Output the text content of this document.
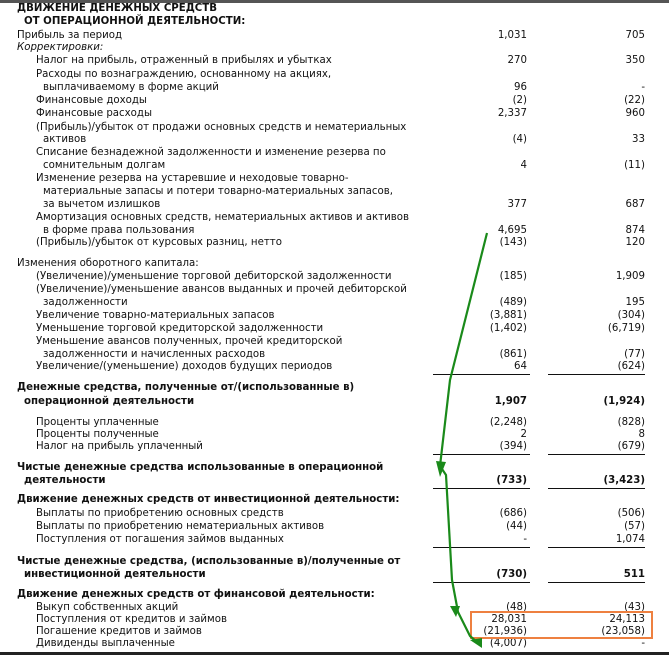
ДВИЖЕНИЕ ДЕНЕЖНЫХ СРЕДСТВ
ОТ ОПЕРАЦИОННОЙ ДЕЯТЕЛЬНОСТИ:
Прибыль за период	1,031	705
Корректировки:
Налог на прибыль, отраженный в прибылях и убытках	270	350
Расходы по вознаграждению, основанному на акциях,
выплачиваемому в форме акций	96	-
Финансовые доходы	(2)	(22)
Финансовые расходы	2,337	960
(Прибыль)/убыток от продажи основных средств и нематериальных
активов	(4)	33
Списание безнадежной задолженности и изменение резерва по
сомнительным долгам	4	(11)
Изменение резерва на устаревшие и неходовые товарно-
материальные запасы и потери товарно-материальных запасов,
за вычетом излишков	377	687
Амортизация основных средств, нематериальных активов и активов
в форме права пользования	4,695	874
(Прибыль)/убыток от курсовых разниц, нетто	(143)	120
Изменения оборотного капитала:
(Увеличение)/уменьшение торговой дебиторской задолженности	(185)	1,909
(Увеличение)/уменьшение авансов выданных и прочей дебиторской
задолженности	(489)	195
Увеличение товарно-материальных запасов	(3,881)	(304)
Уменьшение торговой кредиторской задолженности	(1,402)	(6,719)
Уменьшение авансов полученных, прочей кредиторской
задолженности и начисленных расходов	(861)	(77)
Увеличение/(уменьшение) доходов будущих периодов	64	(624)
Денежные средства, полученные от/(использованные в)
операционной деятельности	1,907	(1,924)
Проценты уплаченные	(2,248)	(828)
Проценты полученные	2	8
Налог на прибыль уплаченный	(394)	(679)
Чистые денежные средства использованные в операционной
деятельности	(733)	(3,423)
Движение денежных средств от инвестиционной деятельности:
Выплаты по приобретению основных средств	(686)	(506)
Выплаты по приобретению нематериальных активов	(44)	(57)
Поступления от погашения займов выданных	-	1,074
Чистые денежные средства, (использованные в)/полученные от
инвестиционной деятельности	(730)	511
Движение денежных средств от финансовой деятельности:
Выкуп собственных акций	(48)	(43)
Поступления от кредитов и займов	28,031	24,113
Погашение кредитов и займов	(21,936)	(23,058)
Дивиденды выплаченные	(4,007)	-
